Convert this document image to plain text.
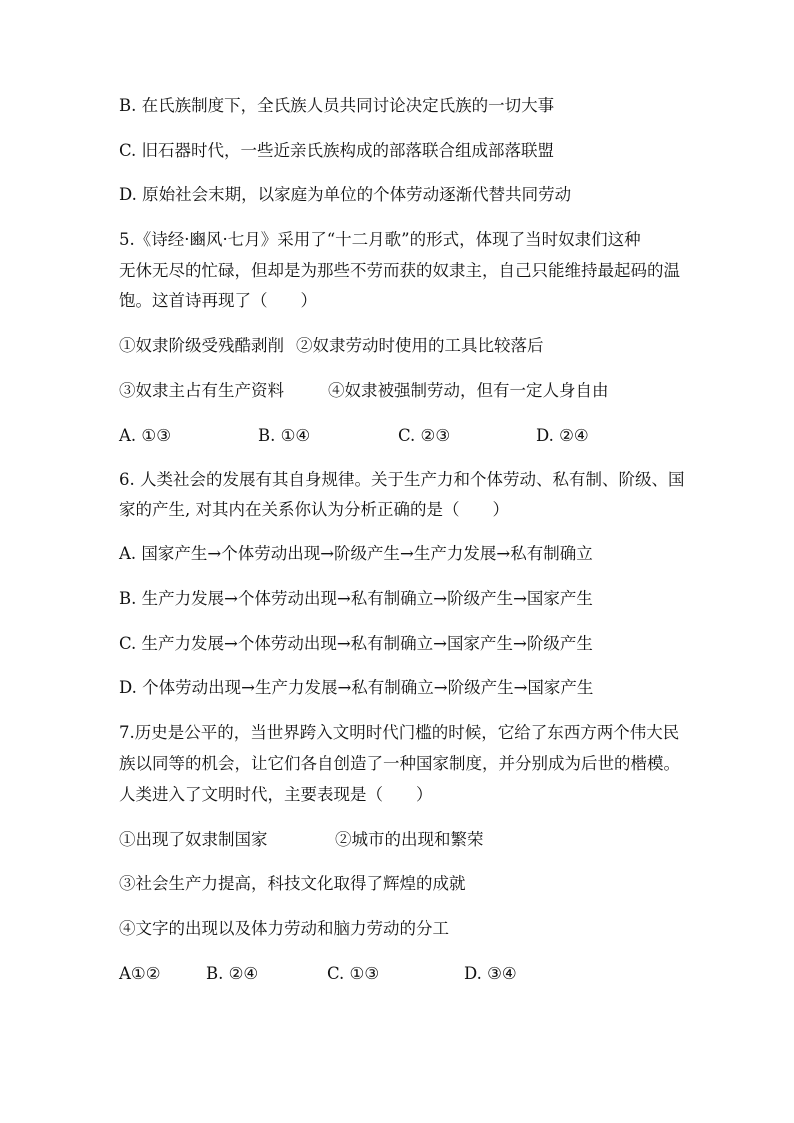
B. 在氏族制度下，全氏族人员共同讨论决定氏族的一切大事
C. 旧石器时代，一些近亲氏族构成的部落联合组成部落联盟
D. 原始社会末期，以家庭为单位的个体劳动逐渐代替共同劳动
5.《诗经·豳风·七月》采用了“十二月歌”的形式，体现了当时奴隶们这种
无休无尽的忙碌，但却是为那些不劳而获的奴隶主，自己只能维持最起码的温
饱。这首诗再现了（　　）
①奴隶阶级受残酷剥削 ②奴隶劳动时使用的工具比较落后
③奴隶主占有生产资料	④奴隶被强制劳动，但有一定人身自由
A. ①③	B. ①④	C. ②③	D. ②④
6. 人类社会的发展有其自身规律。关于生产力和个体劳动、私有制、阶级、国
家的产生, 对其内在关系你认为分析正确的是（　　）
A. 国家产生→个体劳动出现→阶级产生→生产力发展→私有制确立
B. 生产力发展→个体劳动出现→私有制确立→阶级产生→国家产生
C. 生产力发展→个体劳动出现→私有制确立→国家产生→阶级产生
D. 个体劳动出现→生产力发展→私有制确立→阶级产生→国家产生
7.历史是公平的，当世界跨入文明时代门槛的时候，它给了东西方两个伟大民
族以同等的机会，让它们各自创造了一种国家制度，并分别成为后世的楷模。
人类进入了文明时代，主要表现是（　　）
①出现了奴隶制国家	②城市的出现和繁荣
③社会生产力提高，科技文化取得了辉煌的成就
④文字的出现以及体力劳动和脑力劳动的分工
A①②	B. ②④	C. ①③	D. ③④
